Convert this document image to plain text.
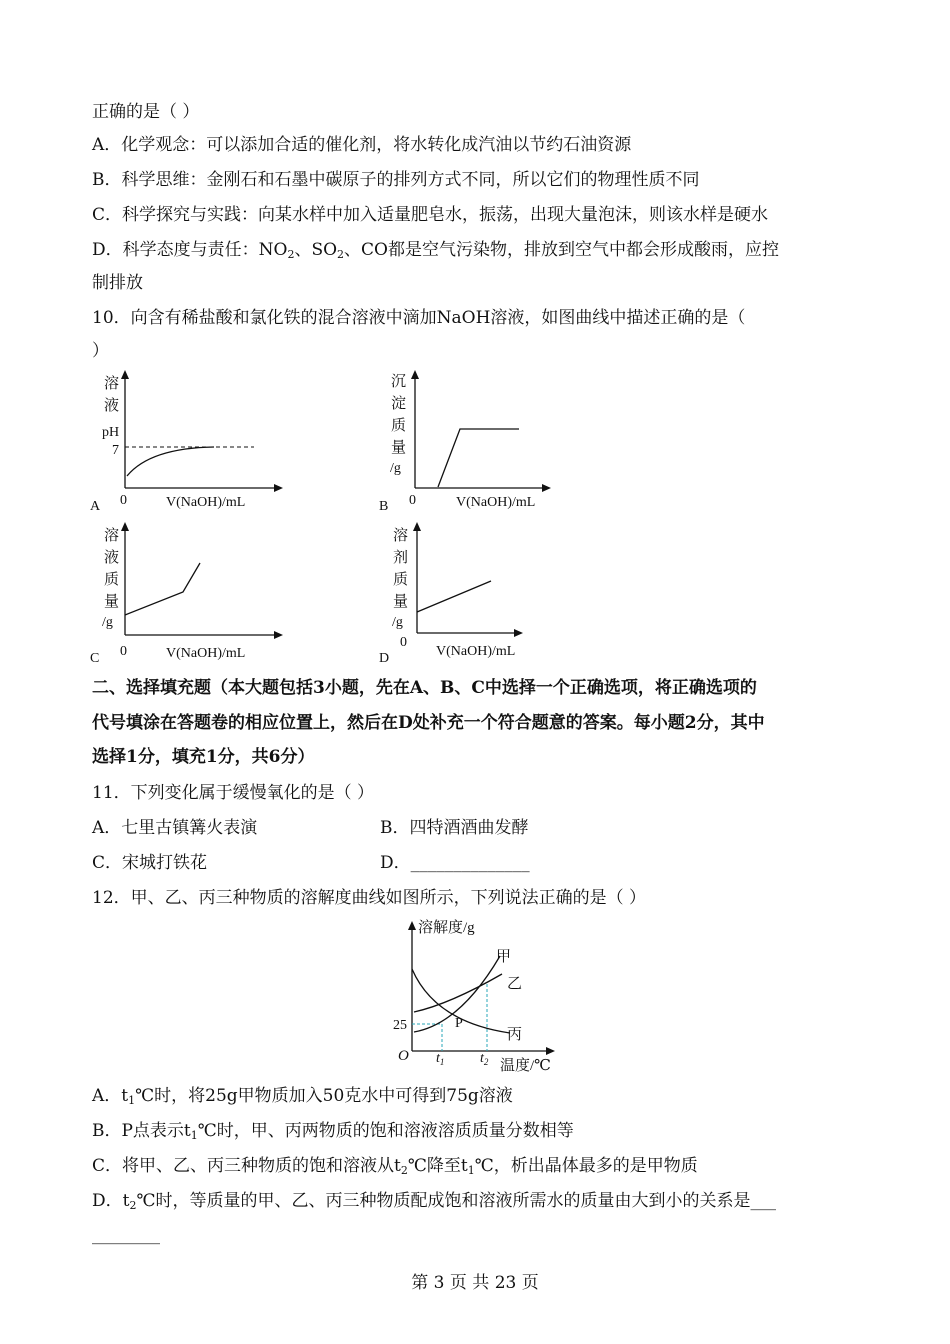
正确的是（ ）
A．化学观念：可以添加合适的催化剂，将水转化成汽油以节约石油资源
B．科学思维：金刚石和石墨中碳原子的排列方式不同，所以它们的物理性质不同
C．科学探究与实践：向某水样中加入适量肥皂水，振荡，出现大量泡沫，则该水样是硬水
D．科学态度与责任：$NO_2$、$SO_2$、CO都是空气污染物，排放到空气中都会形成酸雨，应控
制排放
10．向含有稀盐酸和氯化铁的混合溶液中滴加NaOH溶液，如图曲线中描述正确的是（
）
溶
液
pH
7
0	V(NaOH)/mL
A
沉
淀
质
量
/g
0	V(NaOH)/mL
B
溶
液
质
量
/g
0	V(NaOH)/mL
C
溶
剂
质
量
/g
0
V(NaOH)/mL
D
二、选择填充题（本大题包括3小题，先在A、B、C中选择一个正确选项，将正确选项的
代号填涂在答题卷的相应位置上，然后在D处补充一个符合题意的答案。每小题2分，其中
选择1分，填充1分，共6分）
11．下列变化属于缓慢氧化的是（ ）
A．七里古镇篝火表演	B．四特酒酒曲发酵
C．宋城打铁花	D．______________
12．甲、乙、丙三种物质的溶解度曲线如图所示，下列说法正确的是（ ）
溶解度/g
甲
乙
丙
P
25
O $t_1$	$t_2$ 温度/℃
A．$t_1℃$时，将25g甲物质加入50克水中可得到75g溶液
B．P点表示$t_1℃$时，甲、丙两物质的饱和溶液溶质质量分数相等
C．将甲、乙、丙三种物质的饱和溶液从$t_2℃$降至$t_1℃$，析出晶体最多的是甲物质
D．$t_2℃$时，等质量的甲、乙、丙三种物质配成饱和溶液所需水的质量由大到小的关系是___
________
第 3 页 共 23 页
